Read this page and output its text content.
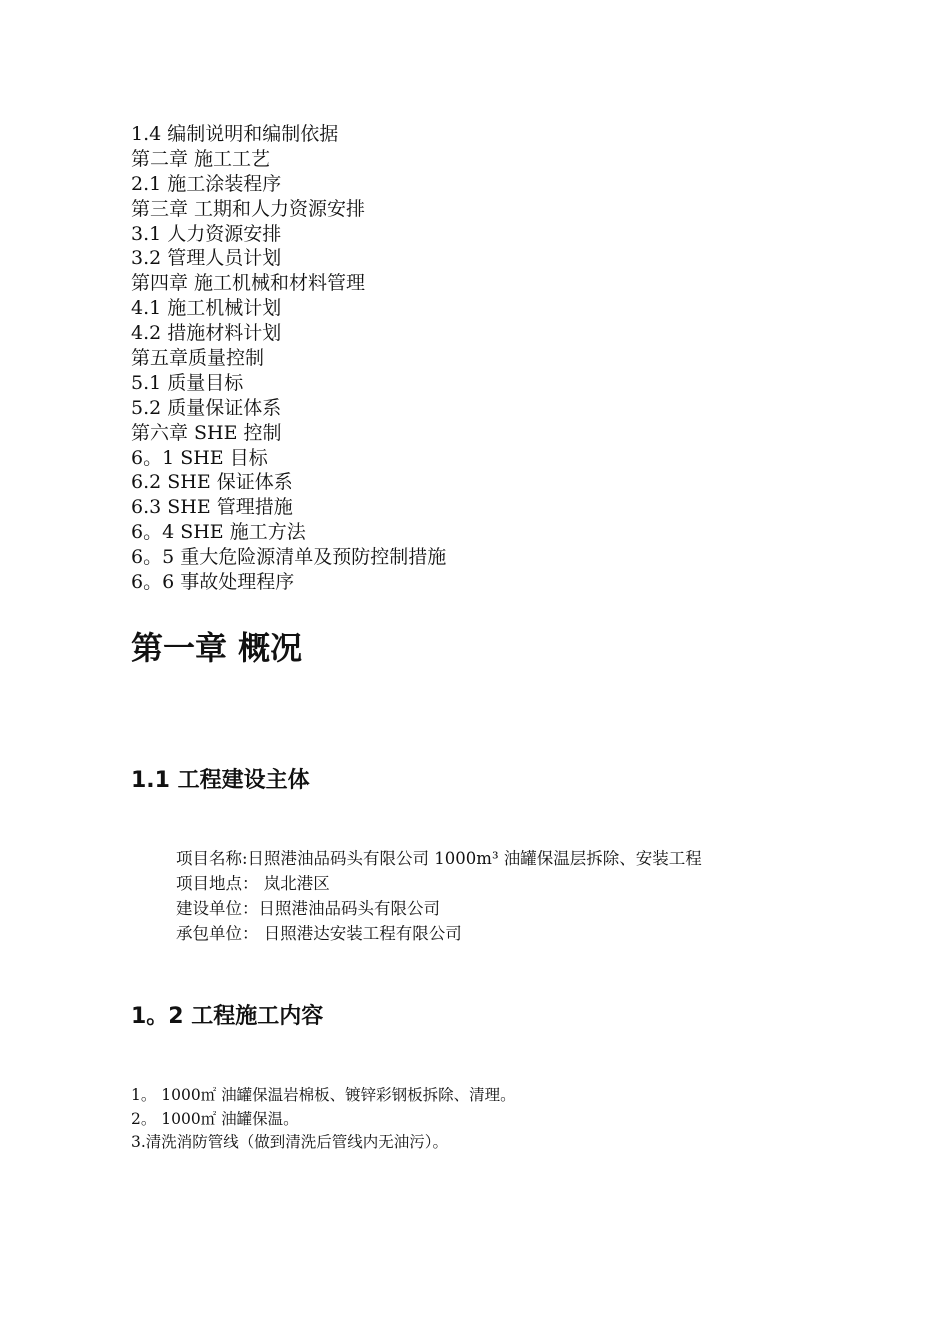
1.4 编制说明和编制依据
第二章 施工工艺
2.1 施工涂装程序
第三章 工期和人力资源安排
3.1 人力资源安排
3.2 管理人员计划
第四章 施工机械和材料管理
4.1 施工机械计划
4.2 措施材料计划
第五章质量控制
5.1 质量目标
5.2 质量保证体系
第六章 SHE 控制
6。1 SHE 目标
6.2 SHE 保证体系
6.3 SHE 管理措施
6。4 SHE 施工方法
6。5 重大危险源清单及预防控制措施
6。6 事故处理程序
第一章 概况
1.1 工程建设主体
项目名称:日照港油品码头有限公司 1000m³ 油罐保温层拆除、安装工程
项目地点： 岚北港区
建设单位：日照港油品码头有限公司
承包单位： 日照港达安装工程有限公司
1。2 工程施工内容
1。 1000㎡ 油罐保温岩棉板、镀锌彩钢板拆除、清理。
2。 1000㎡ 油罐保温。
3.清洗消防管线（做到清洗后管线内无油污）。
